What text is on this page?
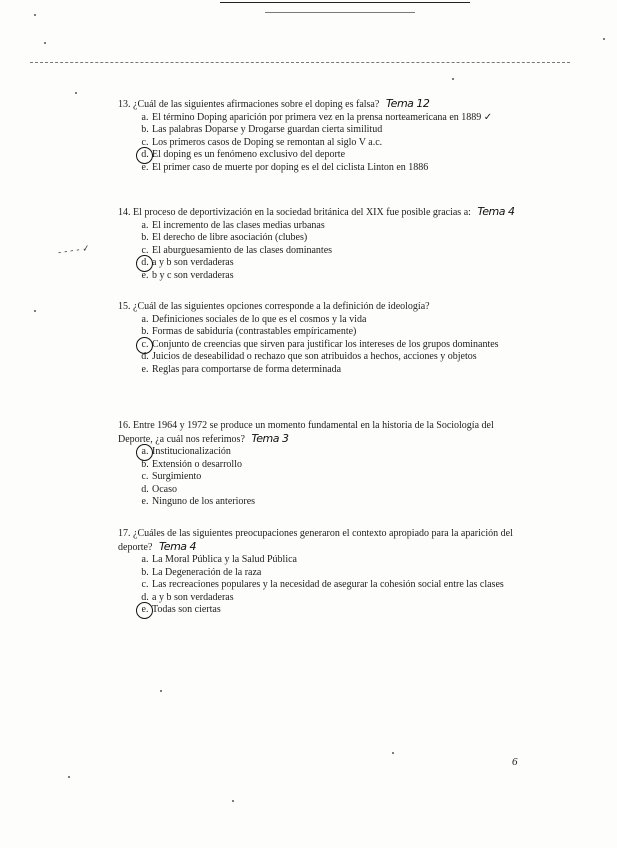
- - - - ✓
13. ¿Cuál de las siguientes afirmaciones sobre el doping es falsa? Tema 12
a. El término Doping aparición por primera vez en la prensa norteamericana en 1889 ✓
b. Las palabras Doparse y Drogarse guardan cierta similitud
c. Los primeros casos de Doping se remontan al siglo V a.c.
d. El doping es un fenómeno exclusivo del deporte
e. El primer caso de muerte por doping es el del ciclista Linton en 1886
14. El proceso de deportivización en la sociedad británica del XIX fue posible gracias a: Tema 4
a. El incremento de las clases medias urbanas
b. El derecho de libre asociación (clubes)
c. El aburguesamiento de las clases dominantes
d. a y b son verdaderas
e. b y c son verdaderas
15. ¿Cuál de las siguientes opciones corresponde a la definición de ideología?
a. Definiciones sociales de lo que es el cosmos y la vida
b. Formas de sabiduría (contrastables empíricamente)
c. Conjunto de creencias que sirven para justificar los intereses de los grupos dominantes
d. Juicios de deseabilidad o rechazo que son atribuidos a hechos, acciones y objetos
e. Reglas para comportarse de forma determinada
16. Entre 1964 y 1972 se produce un momento fundamental en la historia de la Sociología del Deporte, ¿a cuál nos referimos? Tema 3
a. Institucionalización
b. Extensión o desarrollo
c. Surgimiento
d. Ocaso
e. Ninguno de los anteriores
17. ¿Cuáles de las siguientes preocupaciones generaron el contexto apropiado para la aparición del deporte? Tema 4
a. La Moral Pública y la Salud Pública
b. La Degeneración de la raza
c. Las recreaciones populares y la necesidad de asegurar la cohesión social entre las clases
d. a y b son verdaderas
e. Todas son ciertas
6
